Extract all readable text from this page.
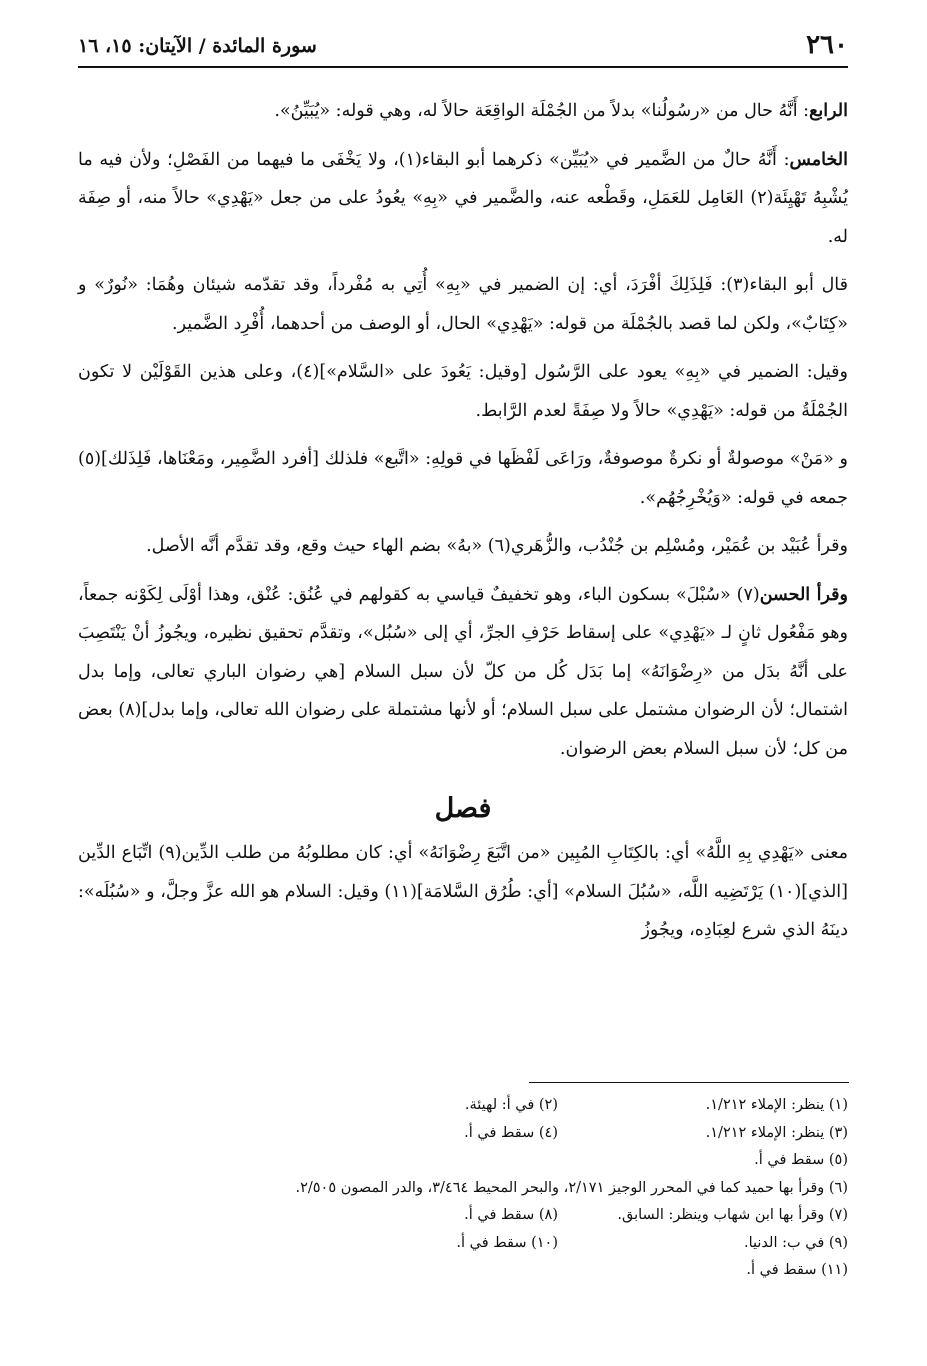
٢٦٠
سورة المائدة / الآيتان: ١٥، ١٦

الرابع: أَنَّهُ حال من «رسُولُنا» بدلاً من الجُمْلَة الواقِعَة حالاً له، وهي قوله: «يُبَيِّنُ».

الخامس: أَنَّهُ حالٌ من الضَّمير في «يُبَيِّن» ذكرهما أبو البقاء(١)، ولا يَخْفَى ما فيهما من الفَصْلِ؛ ولأن فيه ما يُشْبِهُ تَهْيِئَة(٢) العَامِل للعَمَلِ، وقَطْعه عنه، والضَّمير في «بِهِ» يعُودُ على من جعل «يَهْدِي» حالاً منه، أو صِفَة له.

قال أبو البقاء(٣): فَلِذَلِكَ أفْرَدَ، أي: إن الضمير في «بِهِ» أُتِي به مُفْرداً، وقد تقدّمه شيئان وهُمَا: «نُورٌ» و «كِتَابٌ»، ولكن لما قصد بالجُمْلَة من قوله: «يَهْدِي» الحال، أو الوصف من أحدهما، أُفْرِد الضَّمير.

وقيل: الضمير في «بِهِ» يعود على الرَّسُول [وقيل: يَعُودَ على «السَّلام»](٤)، وعلى هذين القَوْلَيْن لا تكون الجُمْلَةُ من قوله: «يَهْدِي» حالاً ولا صِفَةً لعدم الرَّابط.

و «مَنْ» موصولةٌ أو نكرةٌ موصوفةٌ، ورَاعَى لَفْظَها في قولِهِ: «اتَّبع» فلذلك [أفرد الضَّمِير، ومَعْنَاها، فَلِذَلك](٥) جمعه في قوله: «وَيُخْرِجُهُم».

وقرأ عُبَيْد بن عُمَيْر، ومُسْلِم بن جُنْدُب، والزُّهَري(٦) «بهُ» بضم الهاء حيث وقع، وقد تقدَّم أنَّه الأصل.

وقرأ الحسن(٧) «سُبْلَ» بسكون الباء، وهو تخفيفٌ قياسي به كقولهم في عُنُق: عُنْق، وهذا أوْلَى لِكَوْنه جمعاً، وهو مَفْعُول ثانٍ لـ «يَهْدِي» على إسقاط حَرْفِ الجرِّ، أي إلى «سُبُل»، وتقدَّم تحقيق نظيره، ويجُوزُ أنْ يَنْتَصِبَ على أنَّهُ بدَل من «رِضْوَانَهُ» إما بَدَل كُل من كلّ لأن سبل السلام [هي رضوان الباري تعالى، وإما بدل اشتمال؛ لأن الرضوان مشتمل على سبل السلام؛ أو لأنها مشتملة على رضوان الله تعالى، وإما بدل](٨) بعض من كل؛ لأن سبل السلام بعض الرضوان.

فصل

معنى «يَهْدِي بِهِ اللَّهُ» أي: بالكِتَابِ المُبِين «من اتَّبَعَ رِضْوَانَهُ» أي: كان مطلوبُهُ من طلب الدِّين(٩) اتِّبَاع الدِّين [الذي](١٠) يَرْتَضِيه اللَّه، «سُبُلَ السلام» [أي: طُرُق السَّلامَة](١١) وقيل: السلام هو الله عزَّ وجلَّ، و «سُبُلَه»: دينَهُ الذي شرع لعِبَادِه، ويجُوزُ

(١) ينظر: الإملاء ١/٢١٢.
(٢) في أ: لهيئة.
(٣) ينظر: الإملاء ١/٢١٢.
(٤) سقط في أ.
(٥) سقط في أ.
(٦) وقرأ بها حميد كما في المحرر الوجيز ٢/١٧١، والبحر المحيط ٣/٤٦٤، والدر المصون ٢/٥٠٥.
(٧) وقرأ بها ابن شهاب وينظر: السابق.
(٨) سقط في أ.
(٩) في ب: الدنيا.
(١٠) سقط في أ.
(١١) سقط في أ.
